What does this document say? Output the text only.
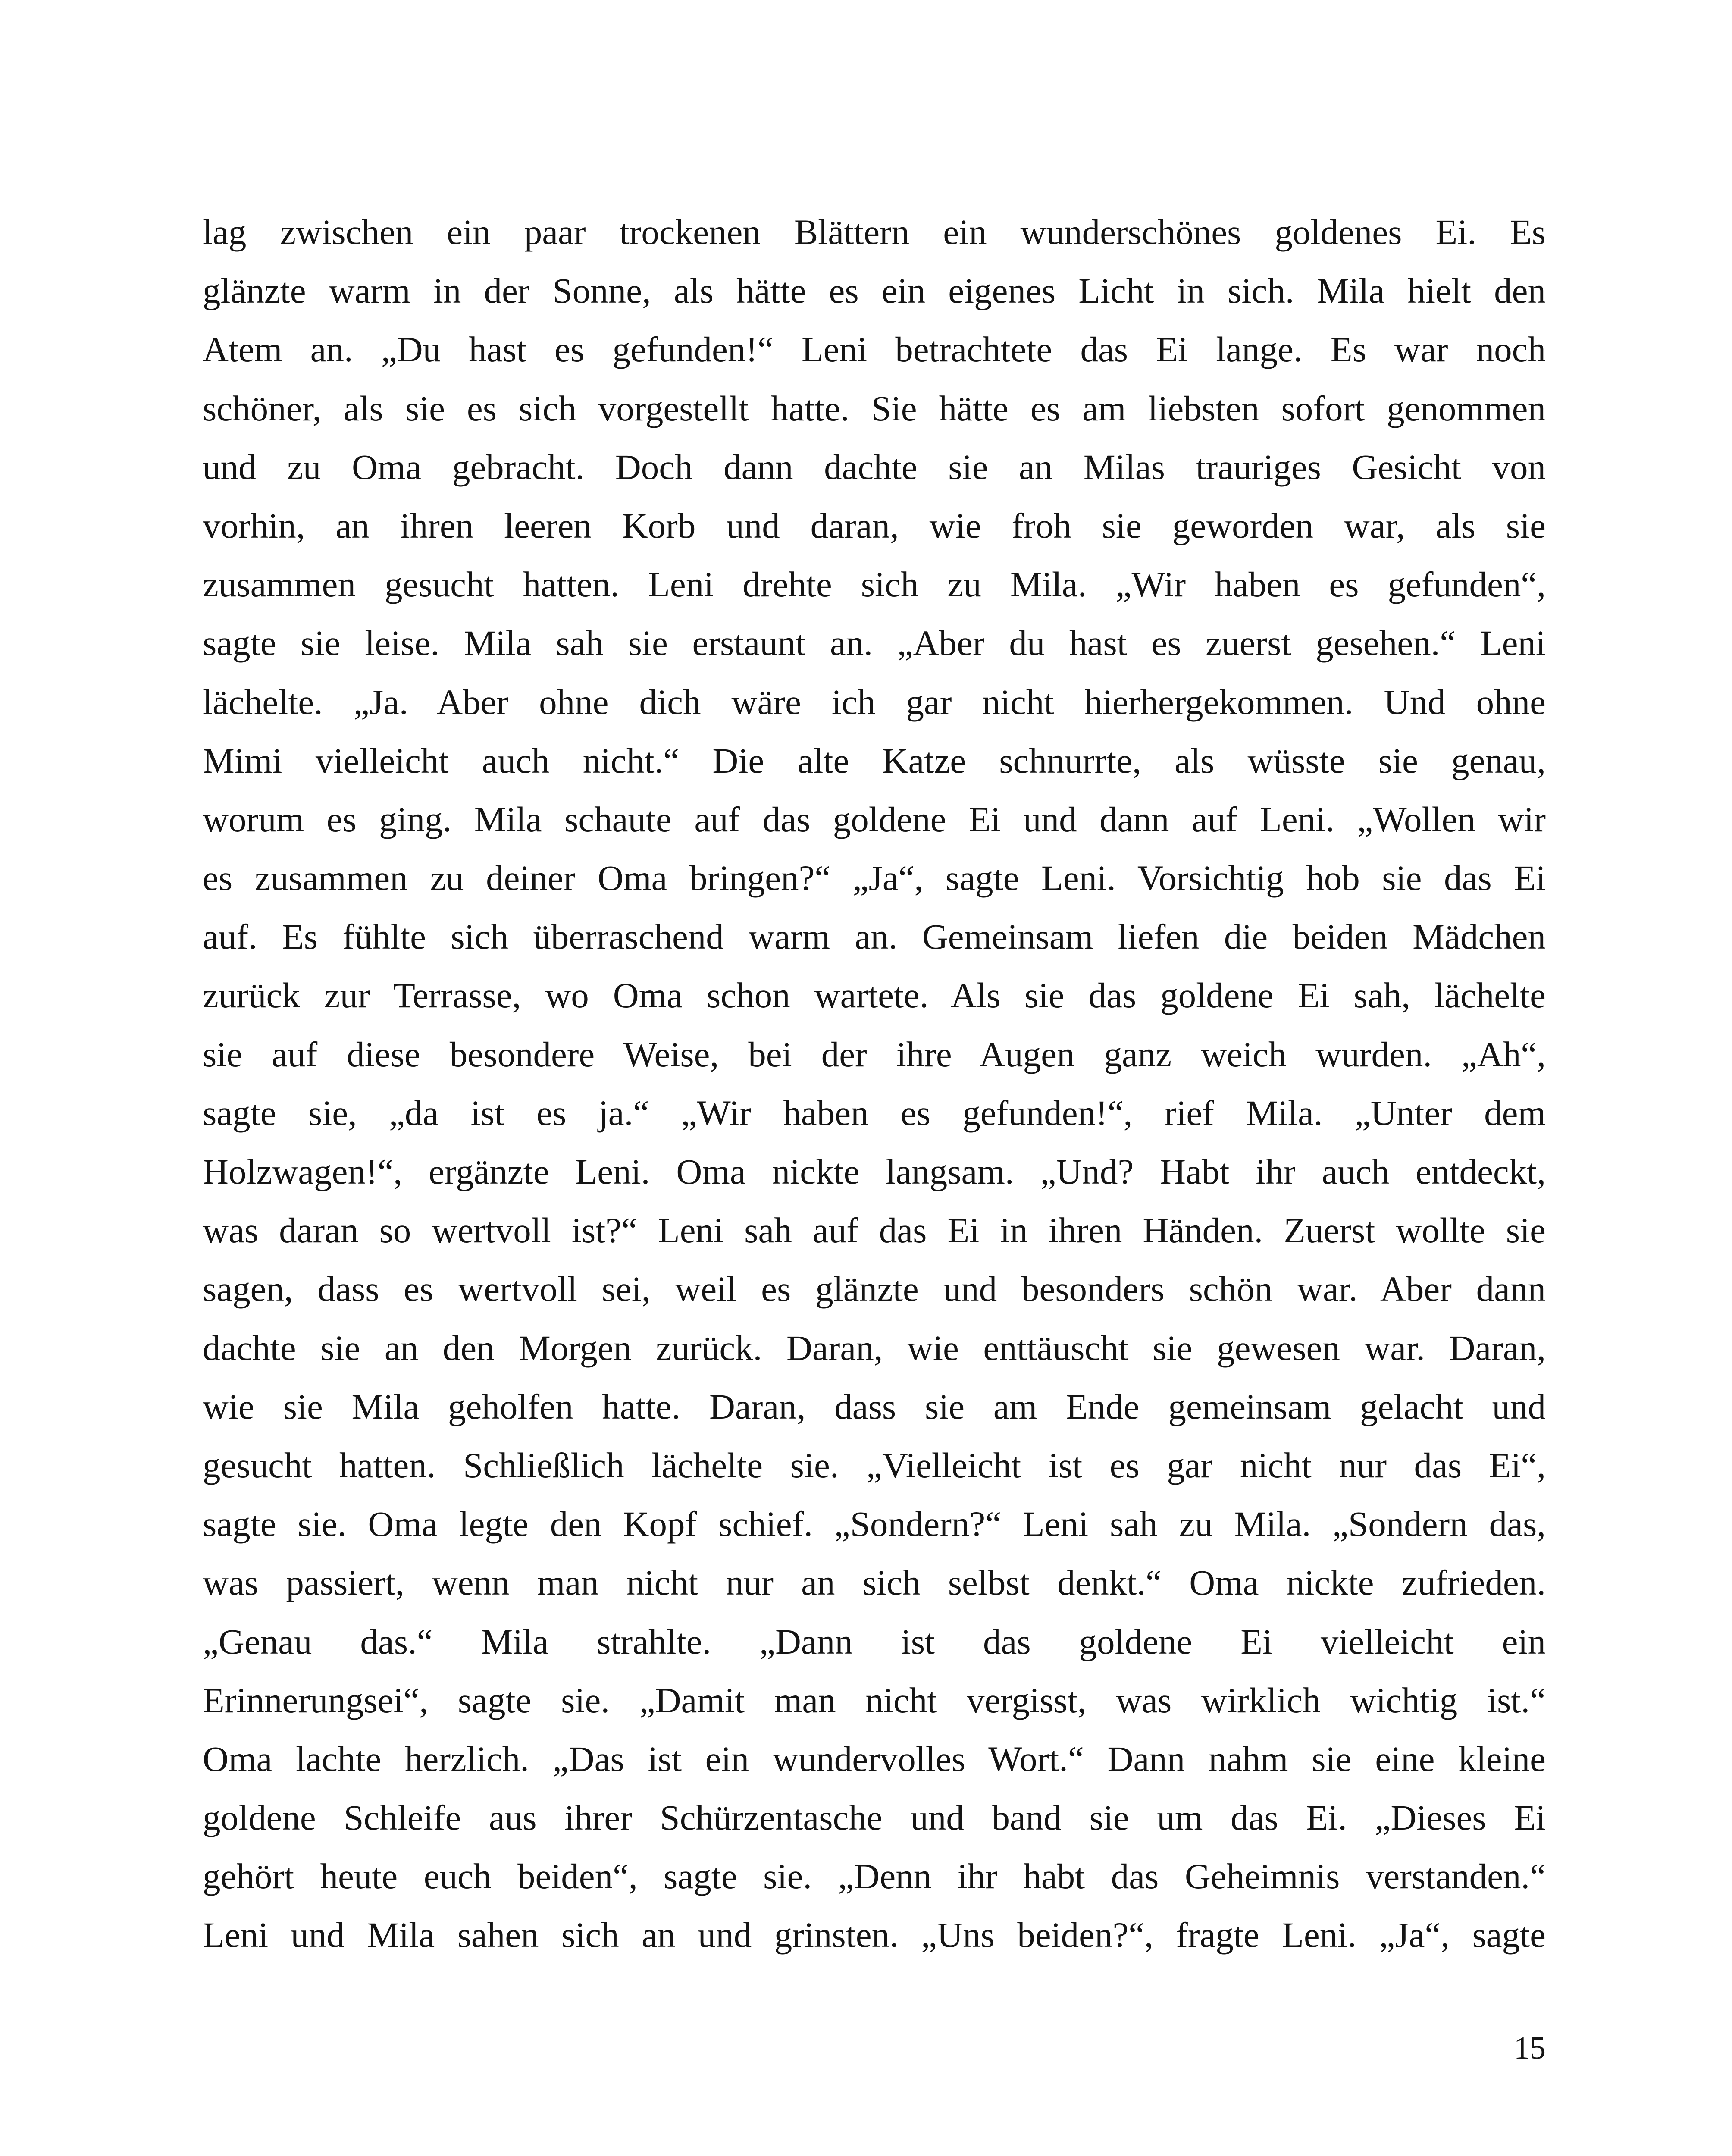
lag zwischen ein paar trockenen Blättern ein wunderschönes goldenes Ei. Es
glänzte warm in der Sonne, als hätte es ein eigenes Licht in sich. Mila hielt den
Atem an. „Du hast es gefunden!“ Leni betrachtete das Ei lange. Es war noch
schöner, als sie es sich vorgestellt hatte. Sie hätte es am liebsten sofort genommen
und zu Oma gebracht. Doch dann dachte sie an Milas trauriges Gesicht von
vorhin, an ihren leeren Korb und daran, wie froh sie geworden war, als sie
zusammen gesucht hatten. Leni drehte sich zu Mila. „Wir haben es gefunden“,
sagte sie leise. Mila sah sie erstaunt an. „Aber du hast es zuerst gesehen.“ Leni
lächelte. „Ja. Aber ohne dich wäre ich gar nicht hierhergekommen. Und ohne
Mimi vielleicht auch nicht.“ Die alte Katze schnurrte, als wüsste sie genau,
worum es ging. Mila schaute auf das goldene Ei und dann auf Leni. „Wollen wir
es zusammen zu deiner Oma bringen?“ „Ja“, sagte Leni. Vorsichtig hob sie das Ei
auf. Es fühlte sich überraschend warm an. Gemeinsam liefen die beiden Mädchen
zurück zur Terrasse, wo Oma schon wartete. Als sie das goldene Ei sah, lächelte
sie auf diese besondere Weise, bei der ihre Augen ganz weich wurden. „Ah“,
sagte sie, „da ist es ja.“ „Wir haben es gefunden!“, rief Mila. „Unter dem
Holzwagen!“, ergänzte Leni. Oma nickte langsam. „Und? Habt ihr auch entdeckt,
was daran so wertvoll ist?“ Leni sah auf das Ei in ihren Händen. Zuerst wollte sie
sagen, dass es wertvoll sei, weil es glänzte und besonders schön war. Aber dann
dachte sie an den Morgen zurück. Daran, wie enttäuscht sie gewesen war. Daran,
wie sie Mila geholfen hatte. Daran, dass sie am Ende gemeinsam gelacht und
gesucht hatten. Schließlich lächelte sie. „Vielleicht ist es gar nicht nur das Ei“,
sagte sie. Oma legte den Kopf schief. „Sondern?“ Leni sah zu Mila. „Sondern das,
was passiert, wenn man nicht nur an sich selbst denkt.“ Oma nickte zufrieden.
„Genau das.“ Mila strahlte. „Dann ist das goldene Ei vielleicht ein
Erinnerungsei“, sagte sie. „Damit man nicht vergisst, was wirklich wichtig ist.“
Oma lachte herzlich. „Das ist ein wundervolles Wort.“ Dann nahm sie eine kleine
goldene Schleife aus ihrer Schürzentasche und band sie um das Ei. „Dieses Ei
gehört heute euch beiden“, sagte sie. „Denn ihr habt das Geheimnis verstanden.“
Leni und Mila sahen sich an und grinsten. „Uns beiden?“, fragte Leni. „Ja“, sagte
15
